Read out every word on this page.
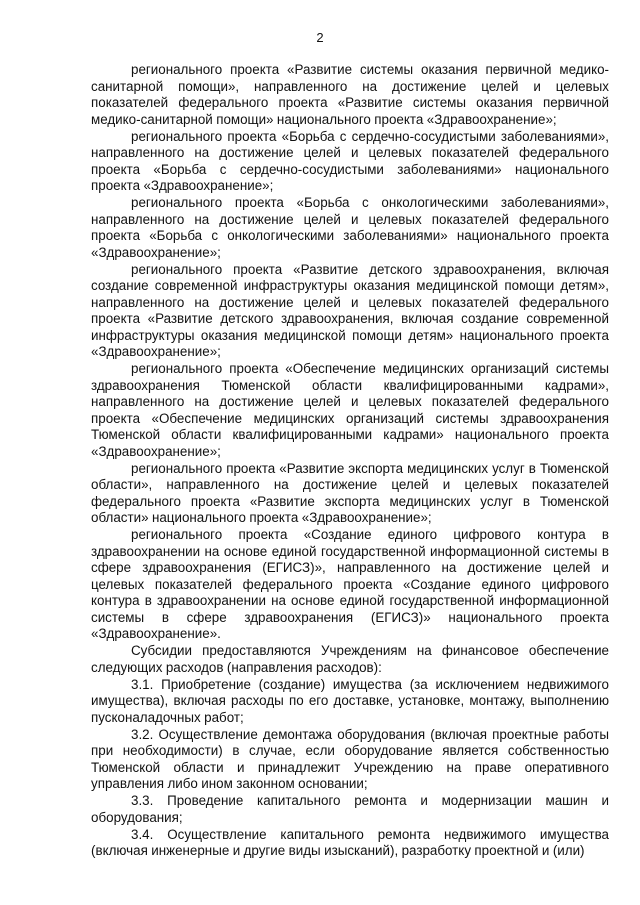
2

регионального проекта «Развитие системы оказания первичной медико-санитарной помощи», направленного на достижение целей и целевых показателей федерального проекта «Развитие системы оказания первичной медико-санитарной помощи» национального проекта «Здравоохранение»;

регионального проекта «Борьба с сердечно-сосудистыми заболеваниями», направленного на достижение целей и целевых показателей федерального проекта «Борьба с сердечно-сосудистыми заболеваниями» национального проекта «Здравоохранение»;

регионального проекта «Борьба с онкологическими заболеваниями», направленного на достижение целей и целевых показателей федерального проекта «Борьба с онкологическими заболеваниями» национального проекта «Здравоохранение»;

регионального проекта «Развитие детского здравоохранения, включая создание современной инфраструктуры оказания медицинской помощи детям», направленного на достижение целей и целевых показателей федерального проекта «Развитие детского здравоохранения, включая создание современной инфраструктуры оказания медицинской помощи детям» национального проекта «Здравоохранение»;

регионального проекта «Обеспечение медицинских организаций системы здравоохранения Тюменской области квалифицированными кадрами», направленного на достижение целей и целевых показателей федерального проекта «Обеспечение медицинских организаций системы здравоохранения Тюменской области квалифицированными кадрами» национального проекта «Здравоохранение»;

регионального проекта «Развитие экспорта медицинских услуг в Тюменской области», направленного на достижение целей и целевых показателей федерального проекта «Развитие экспорта медицинских услуг в Тюменской области» национального проекта «Здравоохранение»;

регионального проекта «Создание единого цифрового контура в здравоохранении на основе единой государственной информационной системы в сфере здравоохранения (ЕГИСЗ)», направленного на достижение целей и целевых показателей федерального проекта «Создание единого цифрового контура в здравоохранении на основе единой государственной информационной системы в сфере здравоохранения (ЕГИСЗ)» национального проекта «Здравоохранение».

Субсидии предоставляются Учреждениям на финансовое обеспечение следующих расходов (направления расходов):

3.1. Приобретение (создание) имущества (за исключением недвижимого имущества), включая расходы по его доставке, установке, монтажу, выполнению пусконаладочных работ;

3.2. Осуществление демонтажа оборудования (включая проектные работы при необходимости) в случае, если оборудование является собственностью Тюменской области и принадлежит Учреждению на праве оперативного управления либо ином законном основании;

3.3. Проведение капитального ремонта и модернизации машин и оборудования;

3.4. Осуществление капитального ремонта недвижимого имущества (включая инженерные и другие виды изысканий), разработку проектной и (или)
